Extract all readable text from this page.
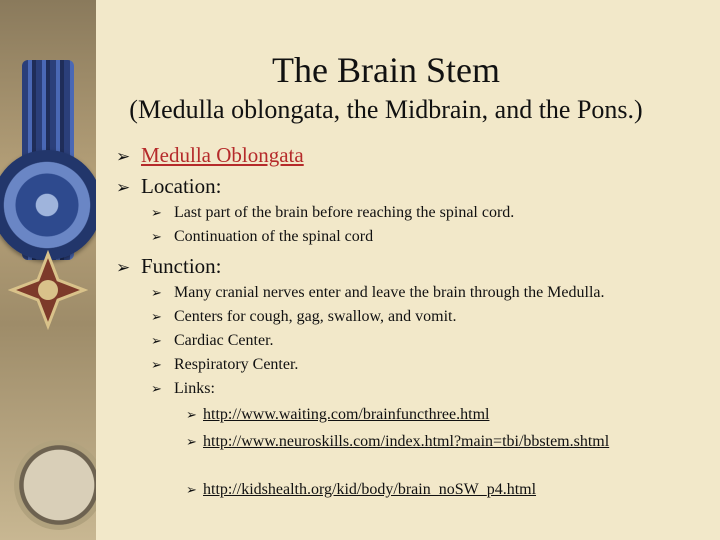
The Brain Stem
(Medulla oblongata, the Midbrain, and the Pons.)
➢ Medulla Oblongata
➢ Location:
➢ Last part of the brain before reaching the spinal cord.
➢ Continuation of the spinal cord
➢ Function:
➢ Many cranial nerves enter and leave the brain through the Medulla.
➢ Centers for cough, gag, swallow, and vomit.
➢ Cardiac Center.
➢ Respiratory Center.
➢ Links:
➢ http://www.waiting.com/brainfuncthree.html
➢ http://www.neuroskills.com/index.html?main=tbi/bbstem.shtml
➢ http://kidshealth.org/kid/body/brain_noSW_p4.html
